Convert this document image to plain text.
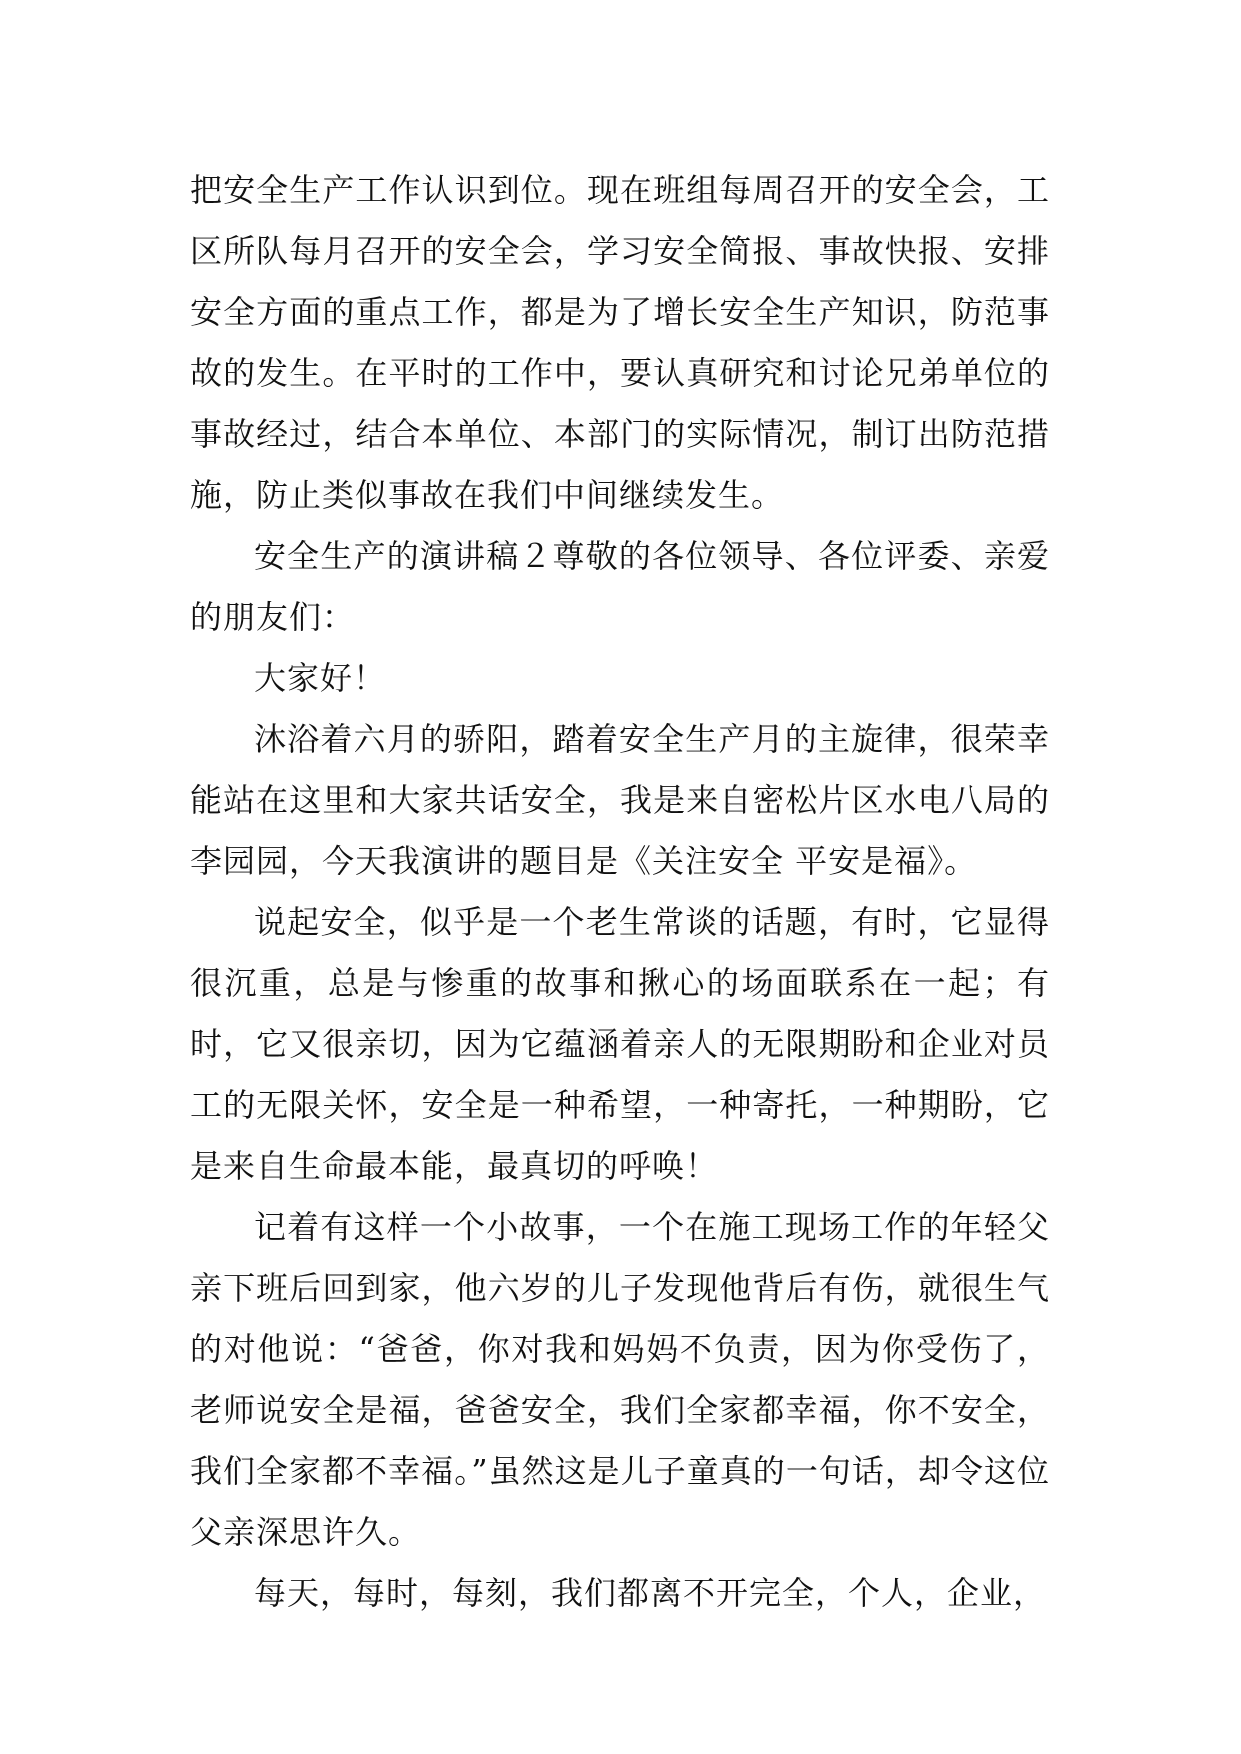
把安全生产工作认识到位。现在班组每周召开的安全会，工区所队每月召开的安全会，学习安全简报、事故快报、安排安全方面的重点工作，都是为了增长安全生产知识，防范事故的发生。在平时的工作中，要认真研究和讨论兄弟单位的事故经过，结合本单位、本部门的实际情况，制订出防范措施，防止类似事故在我们中间继续发生。

安全生产的演讲稿２尊敬的各位领导、各位评委、亲爱的朋友们：

大家好！

沐浴着六月的骄阳，踏着安全生产月的主旋律，很荣幸能站在这里和大家共话安全，我是来自密松片区水电八局的李园园，今天我演讲的题目是《关注安全 平安是福》。

说起安全，似乎是一个老生常谈的话题，有时，它显得很沉重，总是与惨重的故事和揪心的场面联系在一起；有时，它又很亲切，因为它蕴涵着亲人的无限期盼和企业对员工的无限关怀，安全是一种希望，一种寄托，一种期盼，它是来自生命最本能，最真切的呼唤！

记着有这样一个小故事，一个在施工现场工作的年轻父亲下班后回到家，他六岁的儿子发现他背后有伤，就很生气的对他说：“爸爸，你对我和妈妈不负责，因为你受伤了，老师说安全是福，爸爸安全，我们全家都幸福，你不安全，我们全家都不幸福。”虽然这是儿子童真的一句话，却令这位父亲深思许久。

每天，每时，每刻，我们都离不开完全，个人，企业，
